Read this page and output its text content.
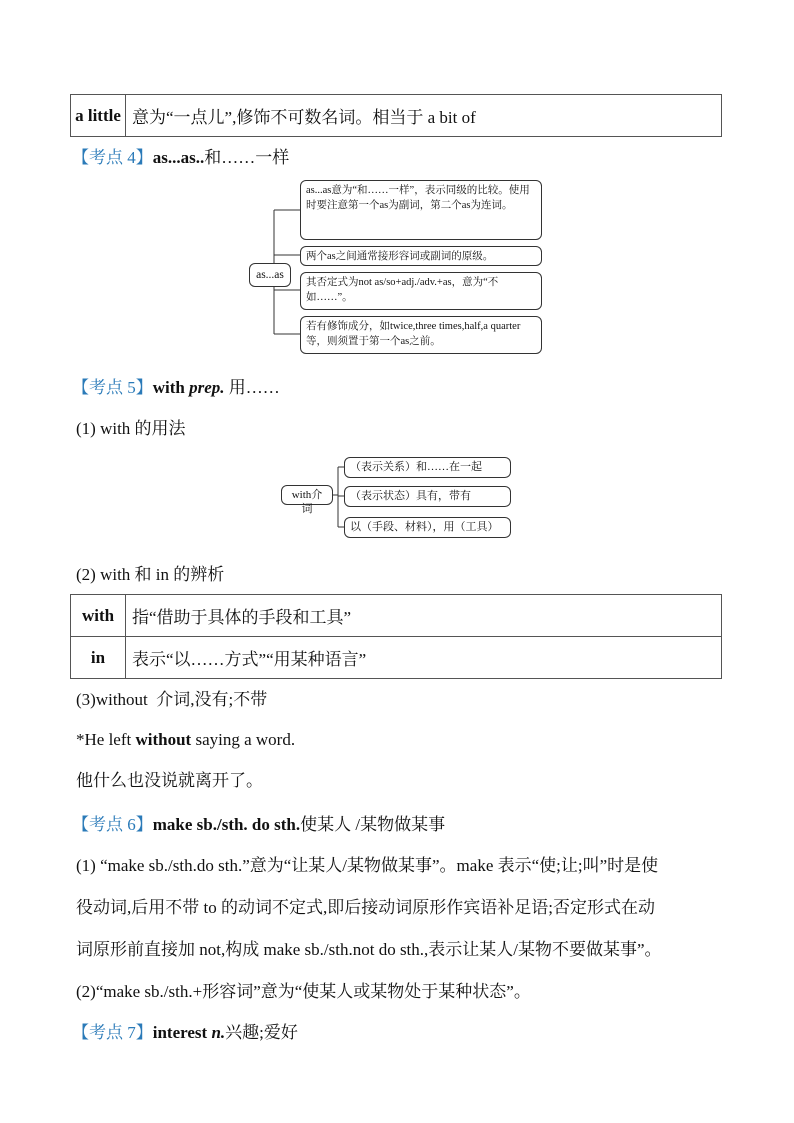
a little	意为“一点儿”,修饰不可数名词。相当于 a bit of
【考点 4】as...as..和……一样
as...as
as...as意为“和……一样”，表示同级的比较。使用时要注意第一个as为副词，第二个as为连词。
两个as之间通常接形容词或副词的原级。
其否定式为not as/so+adj./adv.+as，意为“不如……”。
若有修饰成分，如twice,three times,half,a quarter等，则须置于第一个as之前。
【考点 5】with prep. 用……
(1) with 的用法
with介词
（表示关系）和……在一起
（表示状态）具有，带有
以（手段、材料），用（工具）
(2) with 和 in 的辨析
with	指“借助于具体的手段和工具”
in	表示“以……方式”“用某种语言”
(3)without  介词,没有;不带
*He left without saying a word.
他什么也没说就离开了。
【考点 6】make sb./sth. do sth.使某人 /某物做某事
(1) “make sb./sth.do sth.”意为“让某人/某物做某事”。make 表示“使;让;叫”时是使
役动词,后用不带 to 的动词不定式,即后接动词原形作宾语补足语;否定形式在动
词原形前直接加 not,构成 make sb./sth.not do sth.,表示让某人/某物不要做某事”。
(2)“make sb./sth.+形容词”意为“使某人或某物处于某种状态”。
【考点 7】interest n.兴趣;爱好
